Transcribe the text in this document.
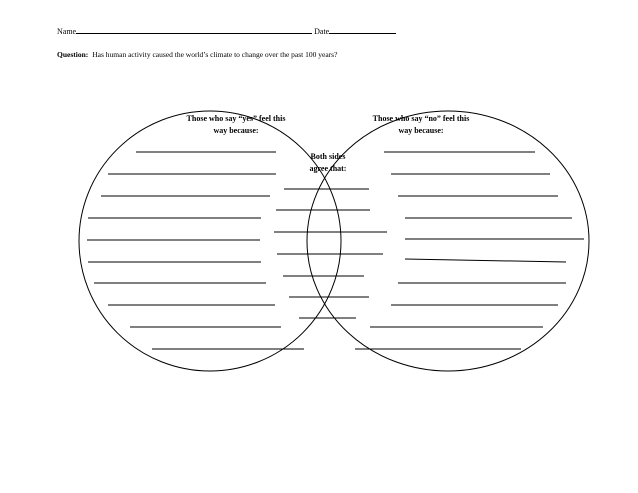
Name	Date
Question: Has human activity caused the world’s climate to change over the past 100 years?
Those who say “yes” feel this
way because:
Those who say “no” feel this
way because:
Both sides
agree that:
